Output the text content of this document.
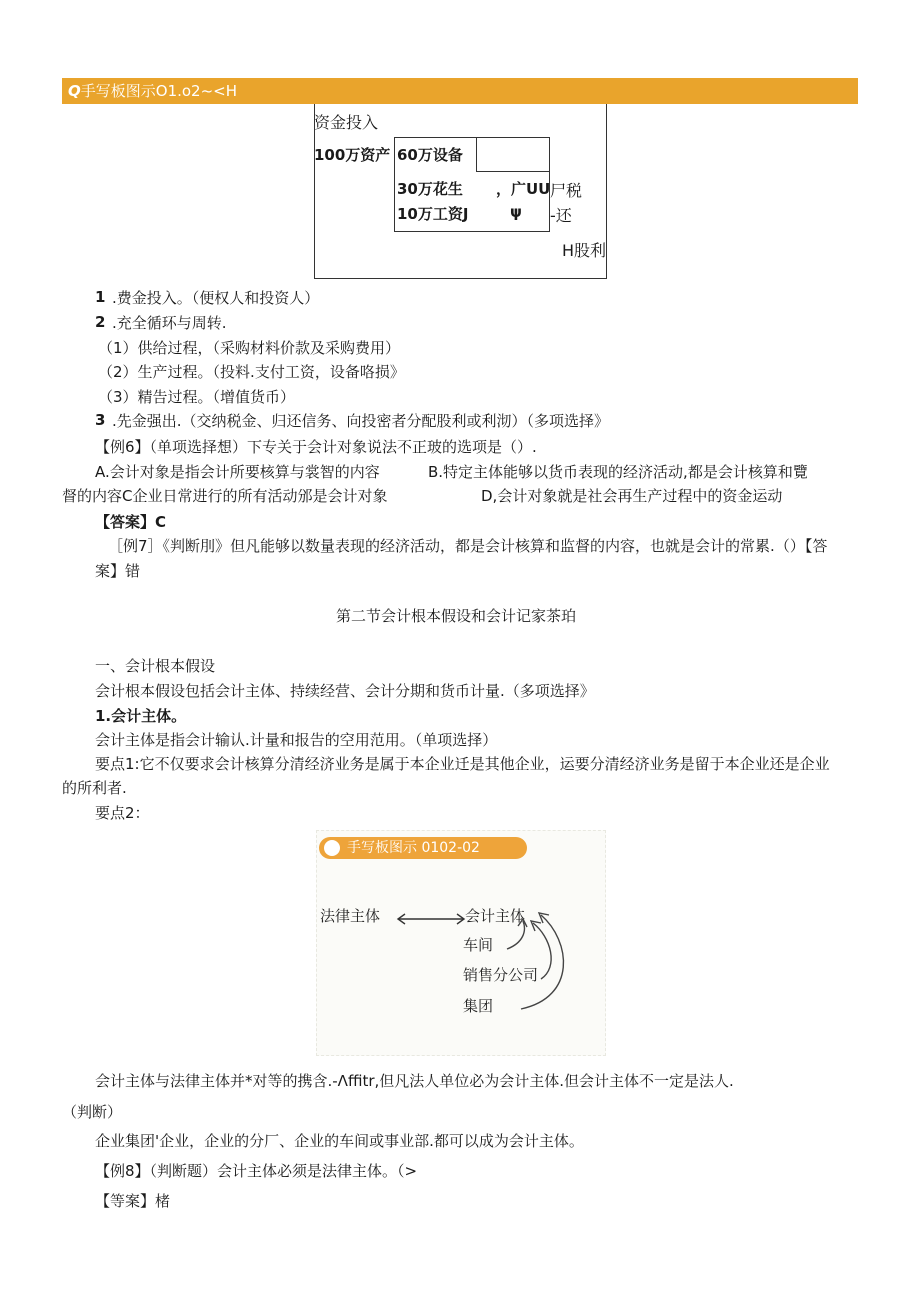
Q手写板图示O1.o2~<H
资金投入
100万资产 60万设备
30万花生
10万工资J
，广UU
ψ
尸税
-还
H股利
1 .费金投入。（便权人和投资人）
2 .充全循环与周转.
（1）供给过程，（采购材料价款及采购费用）
（2）生产过程。（投料.支付工资，设备咯损》
（3）精告过程。（增值货币）
3 .先金强出.（交纳税金、归还信务、向投密者分配股利或利沏）（多项选择》
【例6】（单项选择想）下专关于会计对象说法不正玻的选项是（）.
A.会计对象是指会计所要核算与裳智的内容	B.特定主体能够以货币表现的经济活动,都是会计核算和覽
督的内容C企业日常进行的所有活动邠是会计对象	D,会计对象就是社会再生产过程中的资金运动
【答案】C
［例7］《判断刖》但凡能够以数量表现的经济活动，都是会计核算和监督的内容，也就是会计的常累.（）【答
案】错
第二节会计根本假设和会计记家茶珀
一、会计根本假设
会计根本假设包括会计主体、持续经营、会计分期和货币计量.（多项选择》
1.会计主体。
会计主体是指会计输认.计量和报告的空用范用。（单项选择）
要点1:它不仅要求会计核算分清经济业务是属于本企业迁是其他企业，运要分清经济业务是留于本企业还是企业
的所利者.
要点2：
手写板图示 0102-02
法律主体	会计主体
车间
销售分公司
集团
会计主体与法律主体并*对等的携含.-Λffitr,但凡法人单位必为会计主体.但会计主体不一定是法人.
（判断）
企业集团'企业，企业的分厂、企业的车间或事业部.都可以成为会计主体。
【例8】（判断题）会计主体必须是法律主体。（>
【等案】楮
